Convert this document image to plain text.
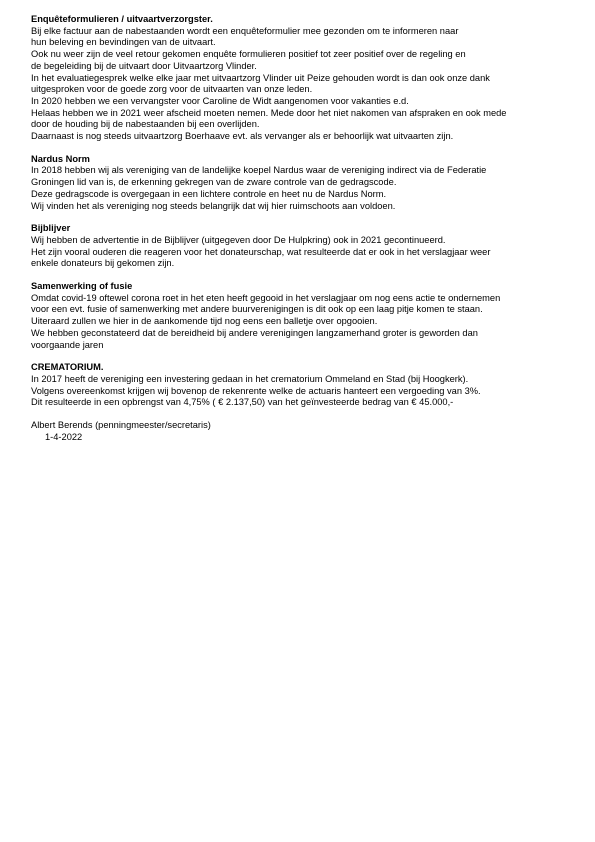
Enquêteformulieren / uitvaartverzorgster.

Bij elke factuur aan de nabestaanden wordt een enquêteformulier mee gezonden om te informeren naar

hun beleving en bevindingen van de uitvaart.

Ook nu weer zijn de veel retour gekomen enquête formulieren positief tot zeer positief over de regeling en

de begeleiding bij de uitvaart door Uitvaartzorg Vlinder.

In het evaluatiegesprek welke elke jaar met uitvaartzorg Vlinder uit Peize gehouden wordt is dan ook onze dank

uitgesproken voor de goede zorg voor de uitvaarten van onze leden.

In 2020 hebben we een vervangster voor Caroline de Widt aangenomen voor vakanties e.d.

Helaas hebben we in 2021 weer afscheid moeten nemen. Mede door het niet nakomen van afspraken en ook mede

door de houding bij de nabestaanden bij een overlijden.

Daarnaast is nog steeds uitvaartzorg Boerhaave evt. als vervanger als er behoorlijk wat uitvaarten zijn.

Nardus Norm

In 2018 hebben wij als vereniging van de landelijke koepel Nardus waar de vereniging indirect via de Federatie

Groningen lid van is, de erkenning gekregen van de zware controle van de gedragscode.

Deze gedragscode is overgegaan in een lichtere controle en heet nu de Nardus Norm.

Wij vinden het als vereniging nog steeds belangrijk dat wij hier ruimschoots aan voldoen.

Bijblijver

Wij hebben de advertentie in de Bijblijver (uitgegeven door De Hulpkring) ook in 2021 gecontinueerd.

Het zijn vooral ouderen die reageren voor het donateurschap, wat resulteerde dat er ook in het verslagjaar weer

enkele donateurs bij gekomen zijn.

Samenwerking of fusie

Omdat covid-19 oftewel corona roet in het eten heeft gegooid in het verslagjaar om nog eens actie te ondernemen

voor een evt. fusie of samenwerking met andere buurverenigingen is dit ook op een laag pitje komen te staan.

Uiteraard zullen we hier in de aankomende tijd nog eens een balletje over opgooien.

We hebben geconstateerd dat de bereidheid bij andere verenigingen langzamerhand groter is geworden dan

voorgaande jaren

CREMATORIUM.

In 2017 heeft de vereniging een investering gedaan in het crematorium Ommeland en Stad (bij Hoogkerk).

Volgens overeenkomst krijgen wij bovenop de rekenrente welke de actuaris hanteert een vergoeding van 3%.

Dit resulteerde in een opbrengst van 4,75% ( € 2.137,50) van het geïnvesteerde bedrag van € 45.000,-

Albert Berends (penningmeester/secretaris)

1-4-2022
